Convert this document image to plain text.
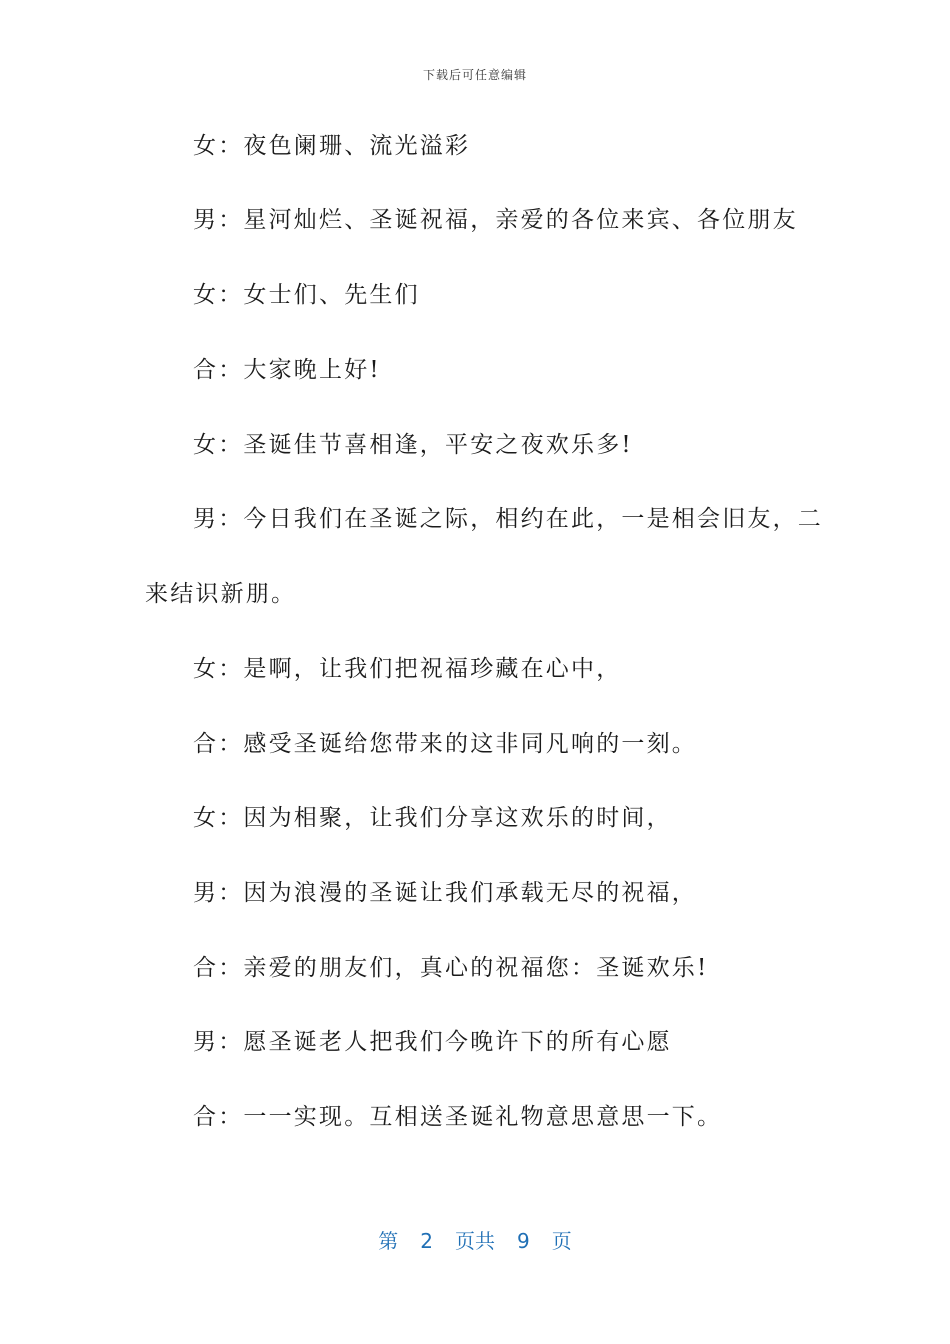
下载后可任意编辑
女：夜色阑珊、流光溢彩
男：星河灿烂、圣诞祝福，亲爱的各位来宾、各位朋友
女：女士们、先生们
合：大家晚上好!
女：圣诞佳节喜相逢，平安之夜欢乐多!
男：今日我们在圣诞之际，相约在此，一是相会旧友，二
来结识新朋。
女：是啊，让我们把祝福珍藏在心中，
合：感受圣诞给您带来的这非同凡响的一刻。
女：因为相聚，让我们分享这欢乐的时间，
男：因为浪漫的圣诞让我们承载无尽的祝福，
合：亲爱的朋友们，真心的祝福您：圣诞欢乐!
男：愿圣诞老人把我们今晚许下的所有心愿
合：一一实现。互相送圣诞礼物意思意思一下。
第 2 页共 9 页
